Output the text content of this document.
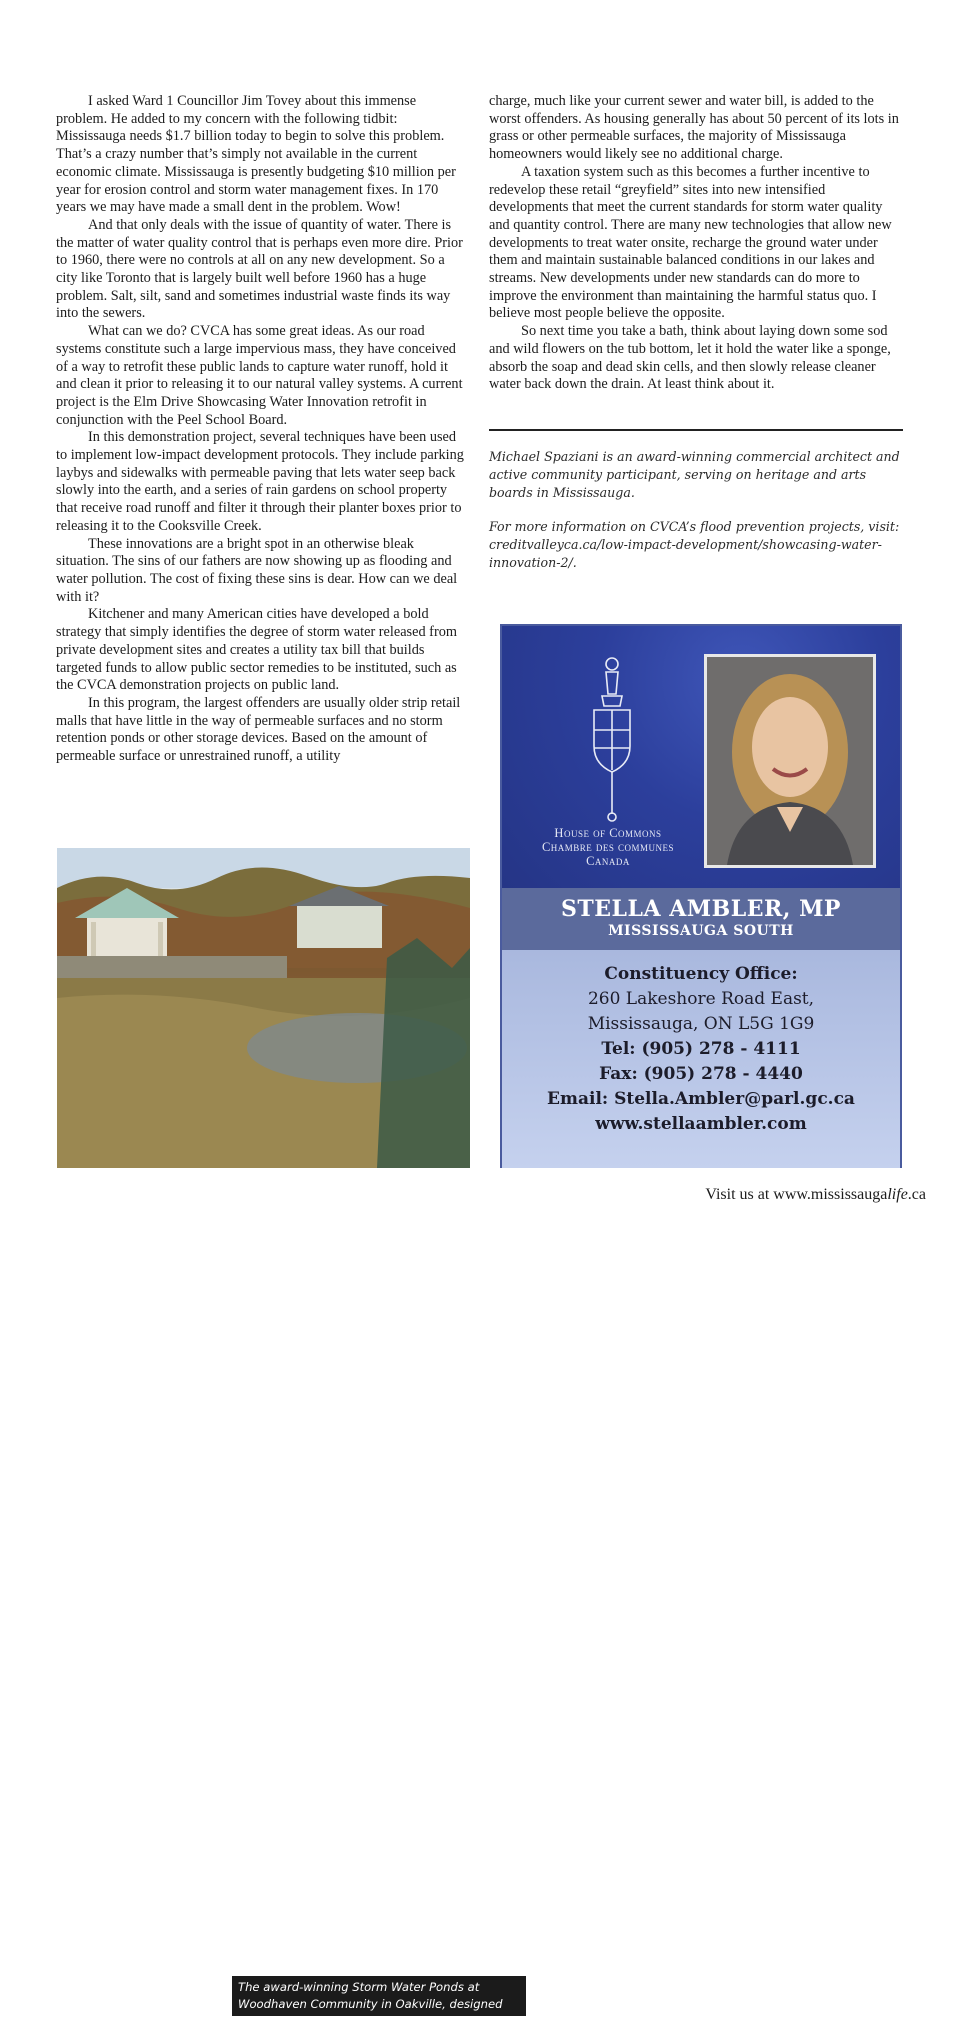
I asked Ward 1 Councillor Jim Tovey about this immense problem. He added to my concern with the following tidbit: Mississauga needs $1.7 billion today to begin to solve this problem. That’s a crazy number that’s simply not available in the current economic climate. Mississauga is presently budgeting $10 million per year for erosion control and storm water management fixes. In 170 years we may have made a small dent in the problem. Wow!

And that only deals with the issue of quantity of water. There is the matter of water quality control that is perhaps even more dire. Prior to 1960, there were no controls at all on any new development. So a city like Toronto that is largely built well before 1960 has a huge problem. Salt, silt, sand and sometimes industrial waste finds its way into the sewers.

What can we do? CVCA has some great ideas. As our road systems constitute such a large impervious mass, they have conceived of a way to retrofit these public lands to capture water runoff, hold it and clean it prior to releasing it to our natural valley systems. A current project is the Elm Drive Showcasing Water Innovation retrofit in conjunction with the Peel School Board.

In this demonstration project, several techniques have been used to implement low-impact development protocols. They include parking laybys and sidewalks with permeable paving that lets water seep back slowly into the earth, and a series of rain gardens on school property that receive road runoff and filter it through their planter boxes prior to releasing it to the Cooksville Creek.

These innovations are a bright spot in an otherwise bleak situation. The sins of our fathers are now showing up as flooding and water pollution. The cost of fixing these sins is dear. How can we deal with it?

Kitchener and many American cities have developed a bold strategy that simply identifies the degree of storm water released from private development sites and creates a utility tax bill that builds targeted funds to allow public sector remedies to be instituted, such as the CVCA demonstration projects on public land.

In this program, the largest offenders are usually older strip retail malls that have little in the way of permeable surfaces and no storm retention ponds or other storage devices. Based on the amount of permeable surface or unrestrained runoff, a utility

charge, much like your current sewer and water bill, is added to the worst offenders. As housing generally has about 50 percent of its lots in grass or other permeable surfaces, the majority of Mississauga homeowners would likely see no additional charge.

A taxation system such as this becomes a further incentive to redevelop these retail “greyfield” sites into new intensified developments that meet the current standards for storm water quality and quantity control. There are many new technologies that allow new developments to treat water onsite, recharge the ground water under them and maintain sustainable balanced conditions in our lakes and streams. New developments under new standards can do more to improve the environment than maintaining the harmful status quo. I believe most people believe the opposite.

So next time you take a bath, think about laying down some sod and wild flowers on the tub bottom, let it hold the water like a sponge, absorb the soap and dead skin cells, and then slowly release cleaner water back down the drain. At least think about it.

Michael Spaziani is an award-winning commercial architect and active community participant, serving on heritage and arts boards in Mississauga.

For more information on CVCA’s flood prevention projects, visit: creditvalleyca.ca/low-impact-development/showcasing-water-innovation-2/.

The award-winning Storm Water Ponds at Woodhaven Community in Oakville, designed by MSAi.
House of Commons
Chambre des communes
Canada
STELLA AMBLER, MP
MISSISSAUGA SOUTH
Constituency Office:
260 Lakeshore Road East,
Mississauga, ON L5G 1G9
Tel: (905) 278 - 4111
Fax: (905) 278 - 4440
Email: Stella.Ambler@parl.gc.ca
www.stellaambler.com
Visit us at www.mississaugalife.ca
